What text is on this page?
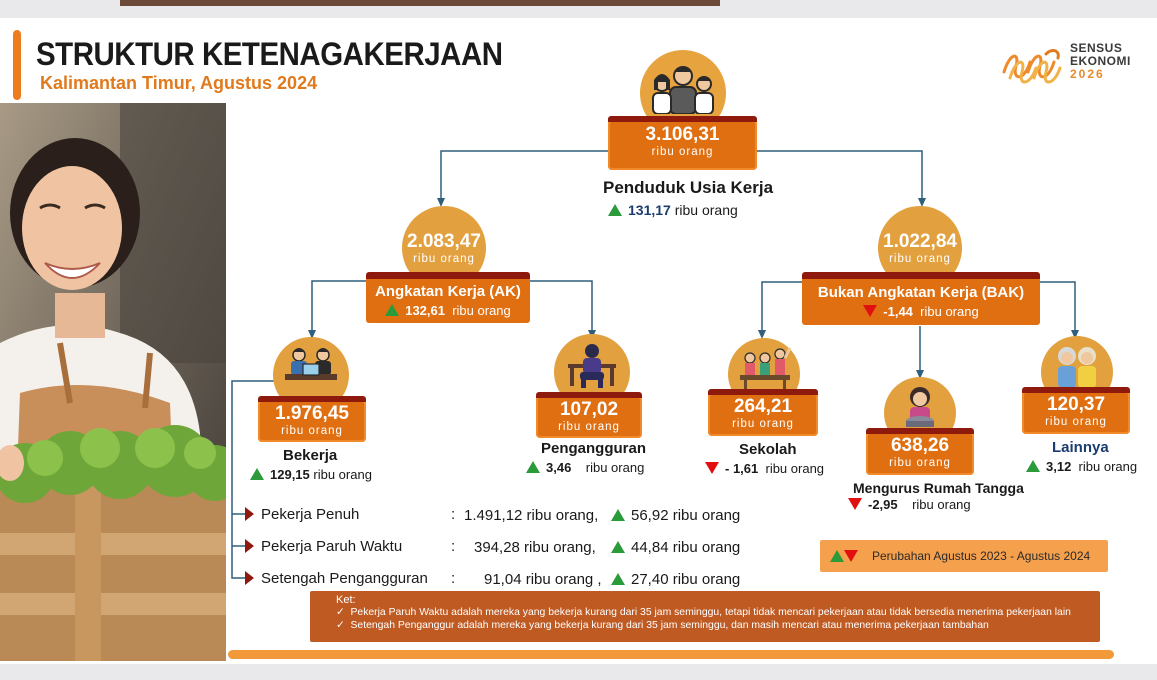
STRUKTUR KETENAGAKERJAAN
Kalimantan Timur, Agustus 2024
SENSUS
EKONOMI
2026
3.106,31
ribu orang
Penduduk Usia Kerja
131,17 ribu orang
2.083,47
ribu orang
Angkatan Kerja (AK)
132,61 ribu orang
1.022,84
ribu orang
Bukan Angkatan Kerja (BAK)
-1,44 ribu orang
1.976,45
ribu orang
Bekerja
129,15 ribu orang
107,02
ribu orang
Pengangguran
3,46 ribu orang
264,21
ribu orang
Sekolah
- 1,61 ribu orang
638,26
ribu orang
Mengurus Rumah Tangga
-2,95 ribu orang
120,37
ribu orang
Lainnya
3,12 ribu orang
Pekerja Penuh	: 1.491,12 ribu orang,	56,92 ribu orang
Pekerja Paruh Waktu	: 394,28 ribu orang,	44,84 ribu orang
Setengah Pengangguran : 91,04 ribu orang ,	27,40 ribu orang
Perubahan Agustus 2023 - Agustus 2024
Ket:
✓  Pekerja Paruh Waktu adalah mereka yang bekerja kurang dari 35 jam seminggu, tetapi tidak mencari pekerjaan atau tidak bersedia menerima pekerjaan lain
✓  Setengah Penganggur adalah mereka yang bekerja kurang dari 35 jam seminggu, dan masih mencari atau menerima pekerjaan tambahan
